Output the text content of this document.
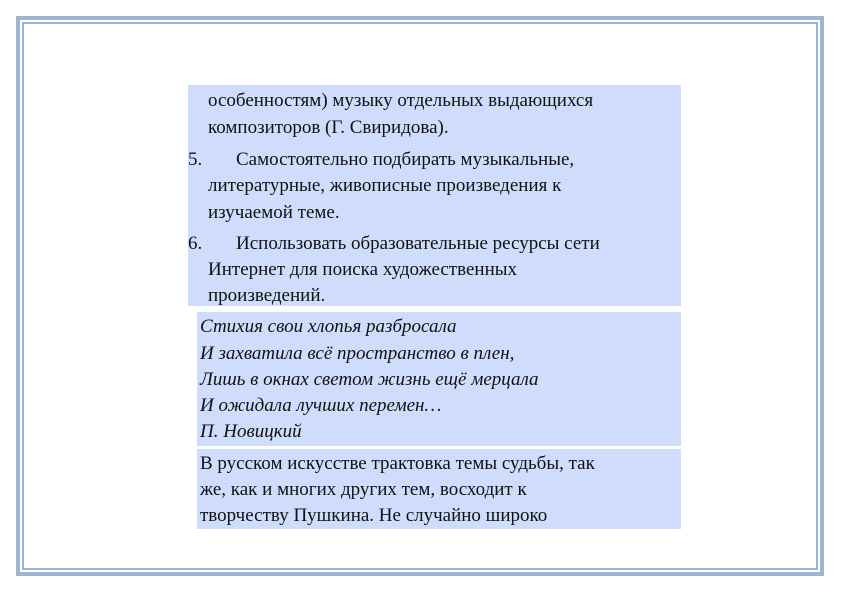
особенностям) музыку отдельных выдающихся
композиторов (Г. Свиридова).
5. Самостоятельно подбирать музыкальные,
литературные, живописные произведения к
изучаемой теме.
6. Использовать образовательные ресурсы сети
Интернет для поиска художественных
произведений.
Стихия свои хлопья разбросала
И захватила всё пространство в плен,
Лишь в окнах светом жизнь ещё мерцала
И ожидала лучших перемен…
П. Новицкий
В русском искусстве трактовка темы судьбы, так
же, как и многих других тем, восходит к
творчеству Пушкина. Не случайно широко
